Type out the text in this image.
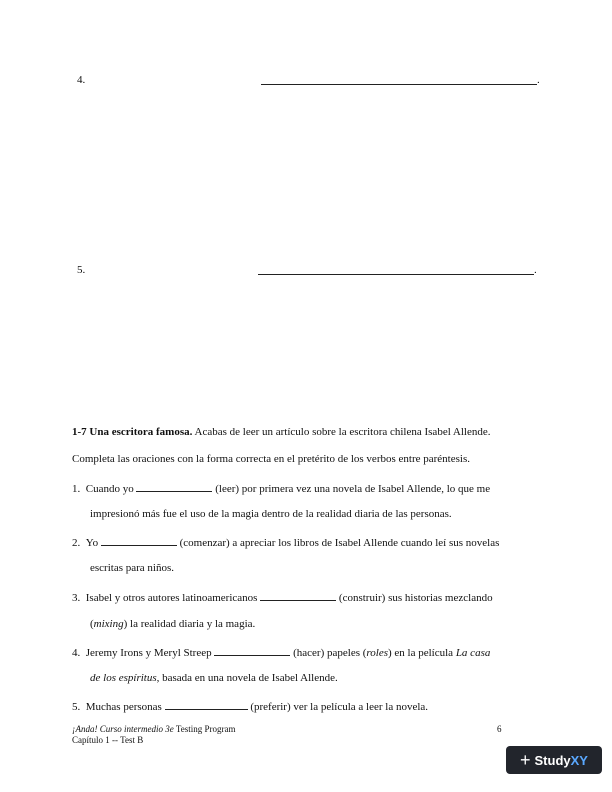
4.	.
5.	.
1-7 Una escritora famosa. Acabas de leer un artículo sobre la escritora chilena Isabel Allende.
Completa las oraciones con la forma correcta en el pretérito de los verbos entre paréntesis.
1. Cuando yo	(leer) por primera vez una novela de Isabel Allende, lo que me
impresionó más fue el uso de la magia dentro de la realidad diaria de las personas.
2. Yo	(comenzar) a apreciar los libros de Isabel Allende cuando leí sus novelas
escritas para niños.
3. Isabel y otros autores latinoamericanos	(construir) sus historias mezclando
(mixing) la realidad diaria y la magia.
4. Jeremy Irons y Meryl Streep	(hacer) papeles (roles) en la película La casa
de los espíritus, basada en una novela de Isabel Allende.
5. Muchas personas	(preferir) ver la película a leer la novela.
¡Anda! Curso intermedio 3e Testing Program	6
Capítulo 1 -- Test B
+ StudyXY
